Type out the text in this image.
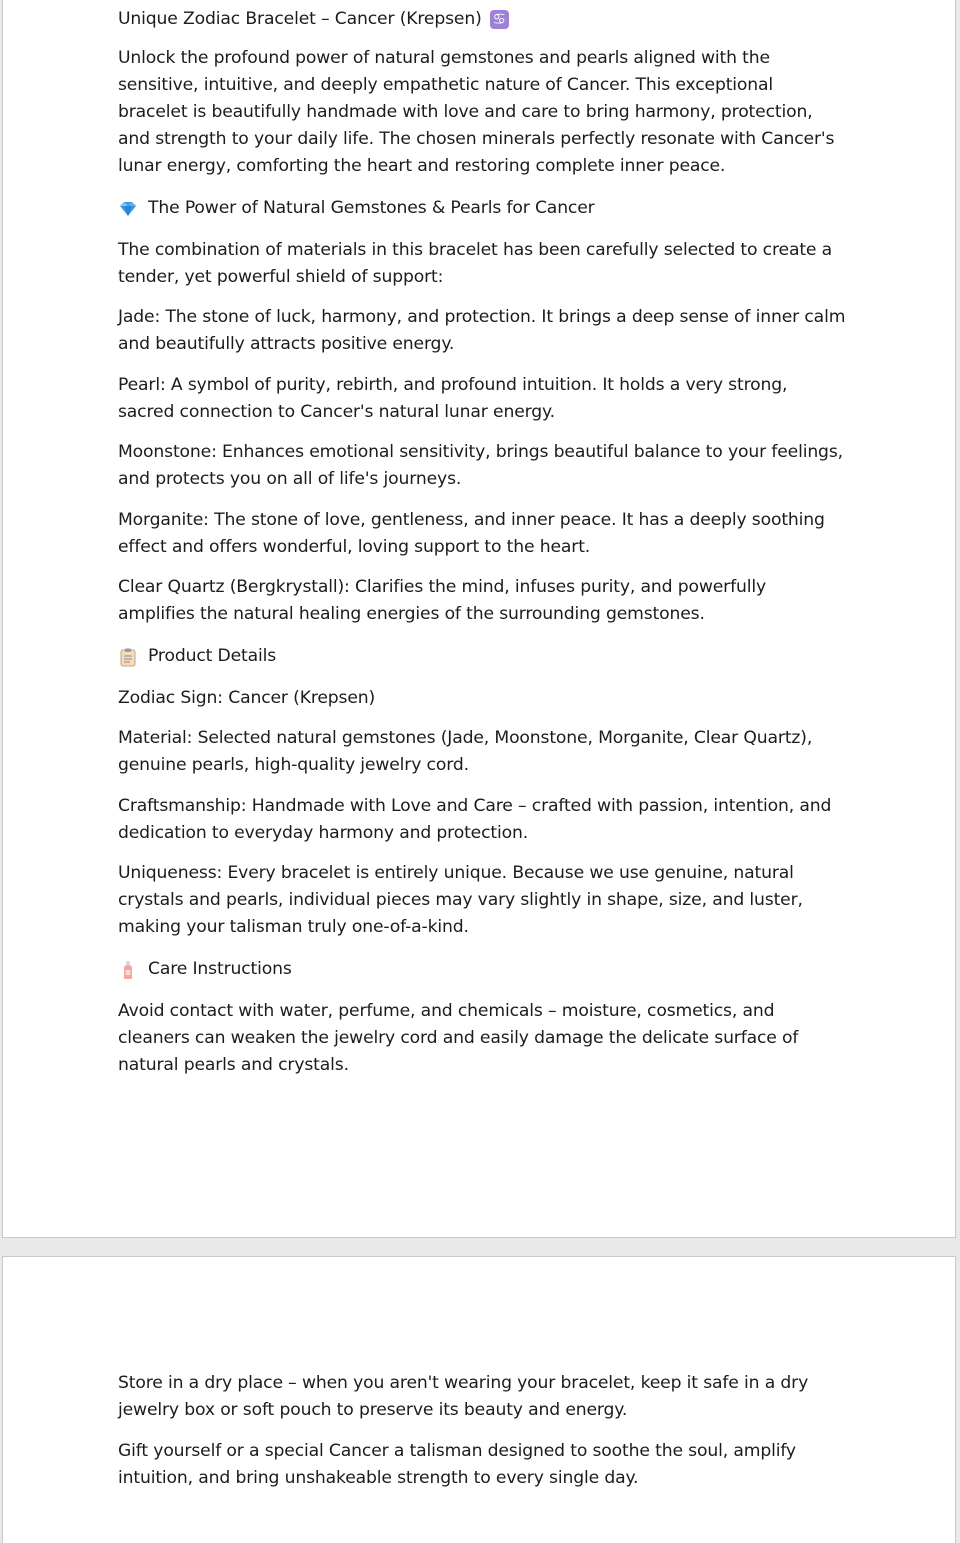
Unique Zodiac Bracelet – Cancer (Krepsen) ♋

Unlock the profound power of natural gemstones and pearls aligned with the sensitive, intuitive, and deeply empathetic nature of Cancer. This exceptional bracelet is beautifully handmade with love and care to bring harmony, protection, and strength to your daily life. The chosen minerals perfectly resonate with Cancer's lunar energy, comforting the heart and restoring complete inner peace.

The Power of Natural Gemstones & Pearls for Cancer

The combination of materials in this bracelet has been carefully selected to create a tender, yet powerful shield of support:

Jade: The stone of luck, harmony, and protection. It brings a deep sense of inner calm and beautifully attracts positive energy.

Pearl: A symbol of purity, rebirth, and profound intuition. It holds a very strong, sacred connection to Cancer's natural lunar energy.

Moonstone: Enhances emotional sensitivity, brings beautiful balance to your feelings, and protects you on all of life's journeys.

Morganite: The stone of love, gentleness, and inner peace. It has a deeply soothing effect and offers wonderful, loving support to the heart.

Clear Quartz (Bergkrystall): Clarifies the mind, infuses purity, and powerfully amplifies the natural healing energies of the surrounding gemstones.

Product Details

Zodiac Sign: Cancer (Krepsen)

Material: Selected natural gemstones (Jade, Moonstone, Morganite, Clear Quartz), genuine pearls, high-quality jewelry cord.

Craftsmanship: Handmade with Love and Care – crafted with passion, intention, and dedication to everyday harmony and protection.

Uniqueness: Every bracelet is entirely unique. Because we use genuine, natural crystals and pearls, individual pieces may vary slightly in shape, size, and luster, making your talisman truly one-of-a-kind.

Care Instructions

Avoid contact with water, perfume, and chemicals – moisture, cosmetics, and cleaners can weaken the jewelry cord and easily damage the delicate surface of natural pearls and crystals.

Store in a dry place – when you aren't wearing your bracelet, keep it safe in a dry jewelry box or soft pouch to preserve its beauty and energy.

Gift yourself or a special Cancer a talisman designed to soothe the soul, amplify intuition, and bring unshakeable strength to every single day.
